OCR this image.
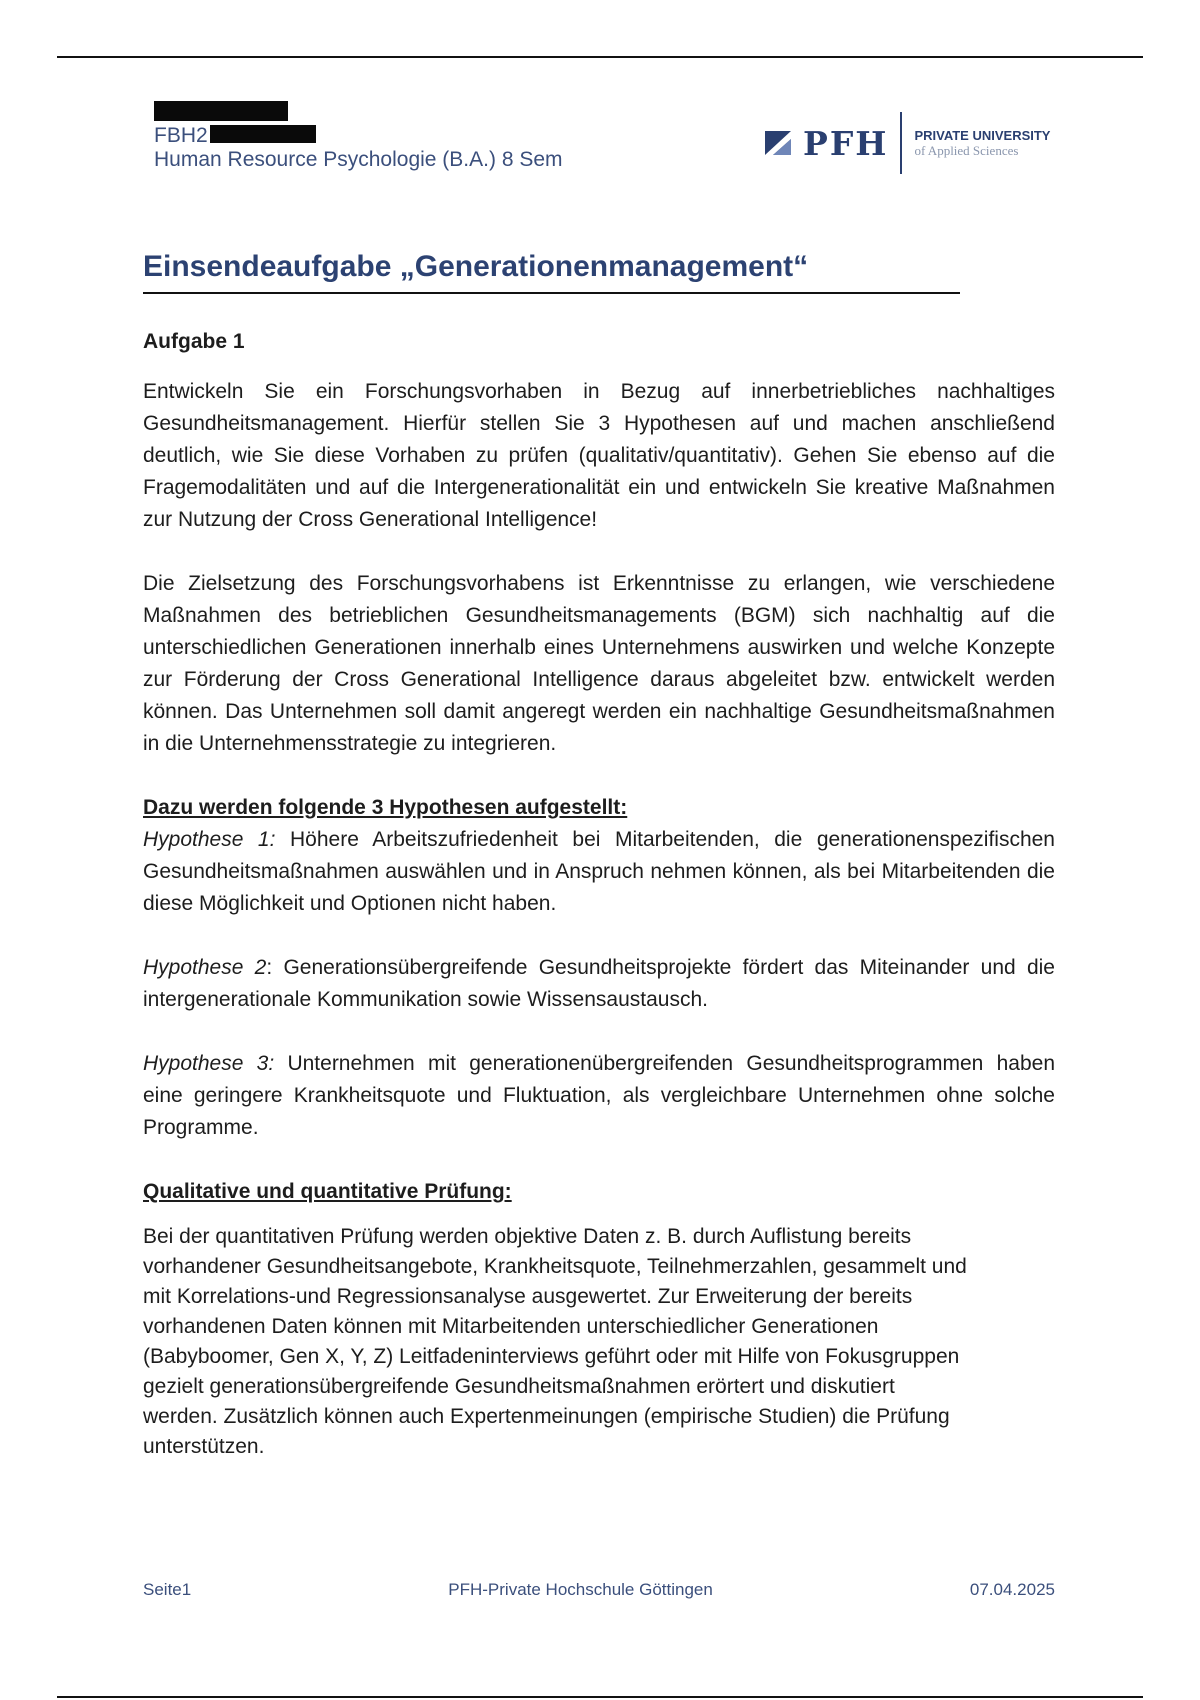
FBH2
Human Resource Psychologie (B.A.) 8 Sem	PFH PRIVATE UNIVERSITY
of Applied Sciences
Einsendeaufgabe „Generationenmanagement“
Aufgabe 1

Entwickeln Sie ein Forschungsvorhaben in Bezug auf innerbetriebliches nachhaltiges Gesundheitsmanagement. Hierfür stellen Sie 3 Hypothesen auf und machen anschließend deutlich, wie Sie diese Vorhaben zu prüfen (qualitativ/quantitativ). Gehen Sie ebenso auf die Fragemodalitäten und auf die Intergenerationalität ein und entwickeln Sie kreative Maßnahmen zur Nutzung der Cross Generational Intelligence!

Die Zielsetzung des Forschungsvorhabens ist Erkenntnisse zu erlangen, wie verschiedene Maßnahmen des betrieblichen Gesundheitsmanagements (BGM) sich nachhaltig auf die unterschiedlichen Generationen innerhalb eines Unternehmens auswirken und welche Konzepte zur Förderung der Cross Generational Intelligence daraus abgeleitet bzw. entwickelt werden können. Das Unternehmen soll damit angeregt werden ein nachhaltige Gesundheitsmaßnahmen in die Unternehmensstrategie zu integrieren.

Dazu werden folgende 3 Hypothesen aufgestellt:

Hypothese 1: Höhere Arbeitszufriedenheit bei Mitarbeitenden, die generationenspezifischen Gesundheitsmaßnahmen auswählen und in Anspruch nehmen können, als bei Mitarbeitenden die diese Möglichkeit und Optionen nicht haben.

Hypothese 2: Generationsübergreifende Gesundheitsprojekte fördert das Miteinander und die intergenerationale Kommunikation sowie Wissensaustausch.

Hypothese 3: Unternehmen mit generationenübergreifenden Gesundheitsprogrammen haben eine geringere Krankheitsquote und Fluktuation, als vergleichbare Unternehmen ohne solche Programme.

Qualitative und quantitative Prüfung:

Bei der quantitativen Prüfung werden objektive Daten z. B. durch Auflistung bereits
vorhandener Gesundheitsangebote, Krankheitsquote, Teilnehmerzahlen, gesammelt und
mit Korrelations-und Regressionsanalyse ausgewertet. Zur Erweiterung der bereits
vorhandenen Daten können mit Mitarbeitenden unterschiedlicher Generationen
(Babyboomer, Gen X, Y, Z) Leitfadeninterviews geführt oder mit Hilfe von Fokusgruppen
gezielt generationsübergreifende Gesundheitsmaßnahmen erörtert und diskutiert
werden. Zusätzlich können auch Expertenmeinungen (empirische Studien) die Prüfung
unterstützen.

Seite1	PFH-Private Hochschule Göttingen	07.04.2025
